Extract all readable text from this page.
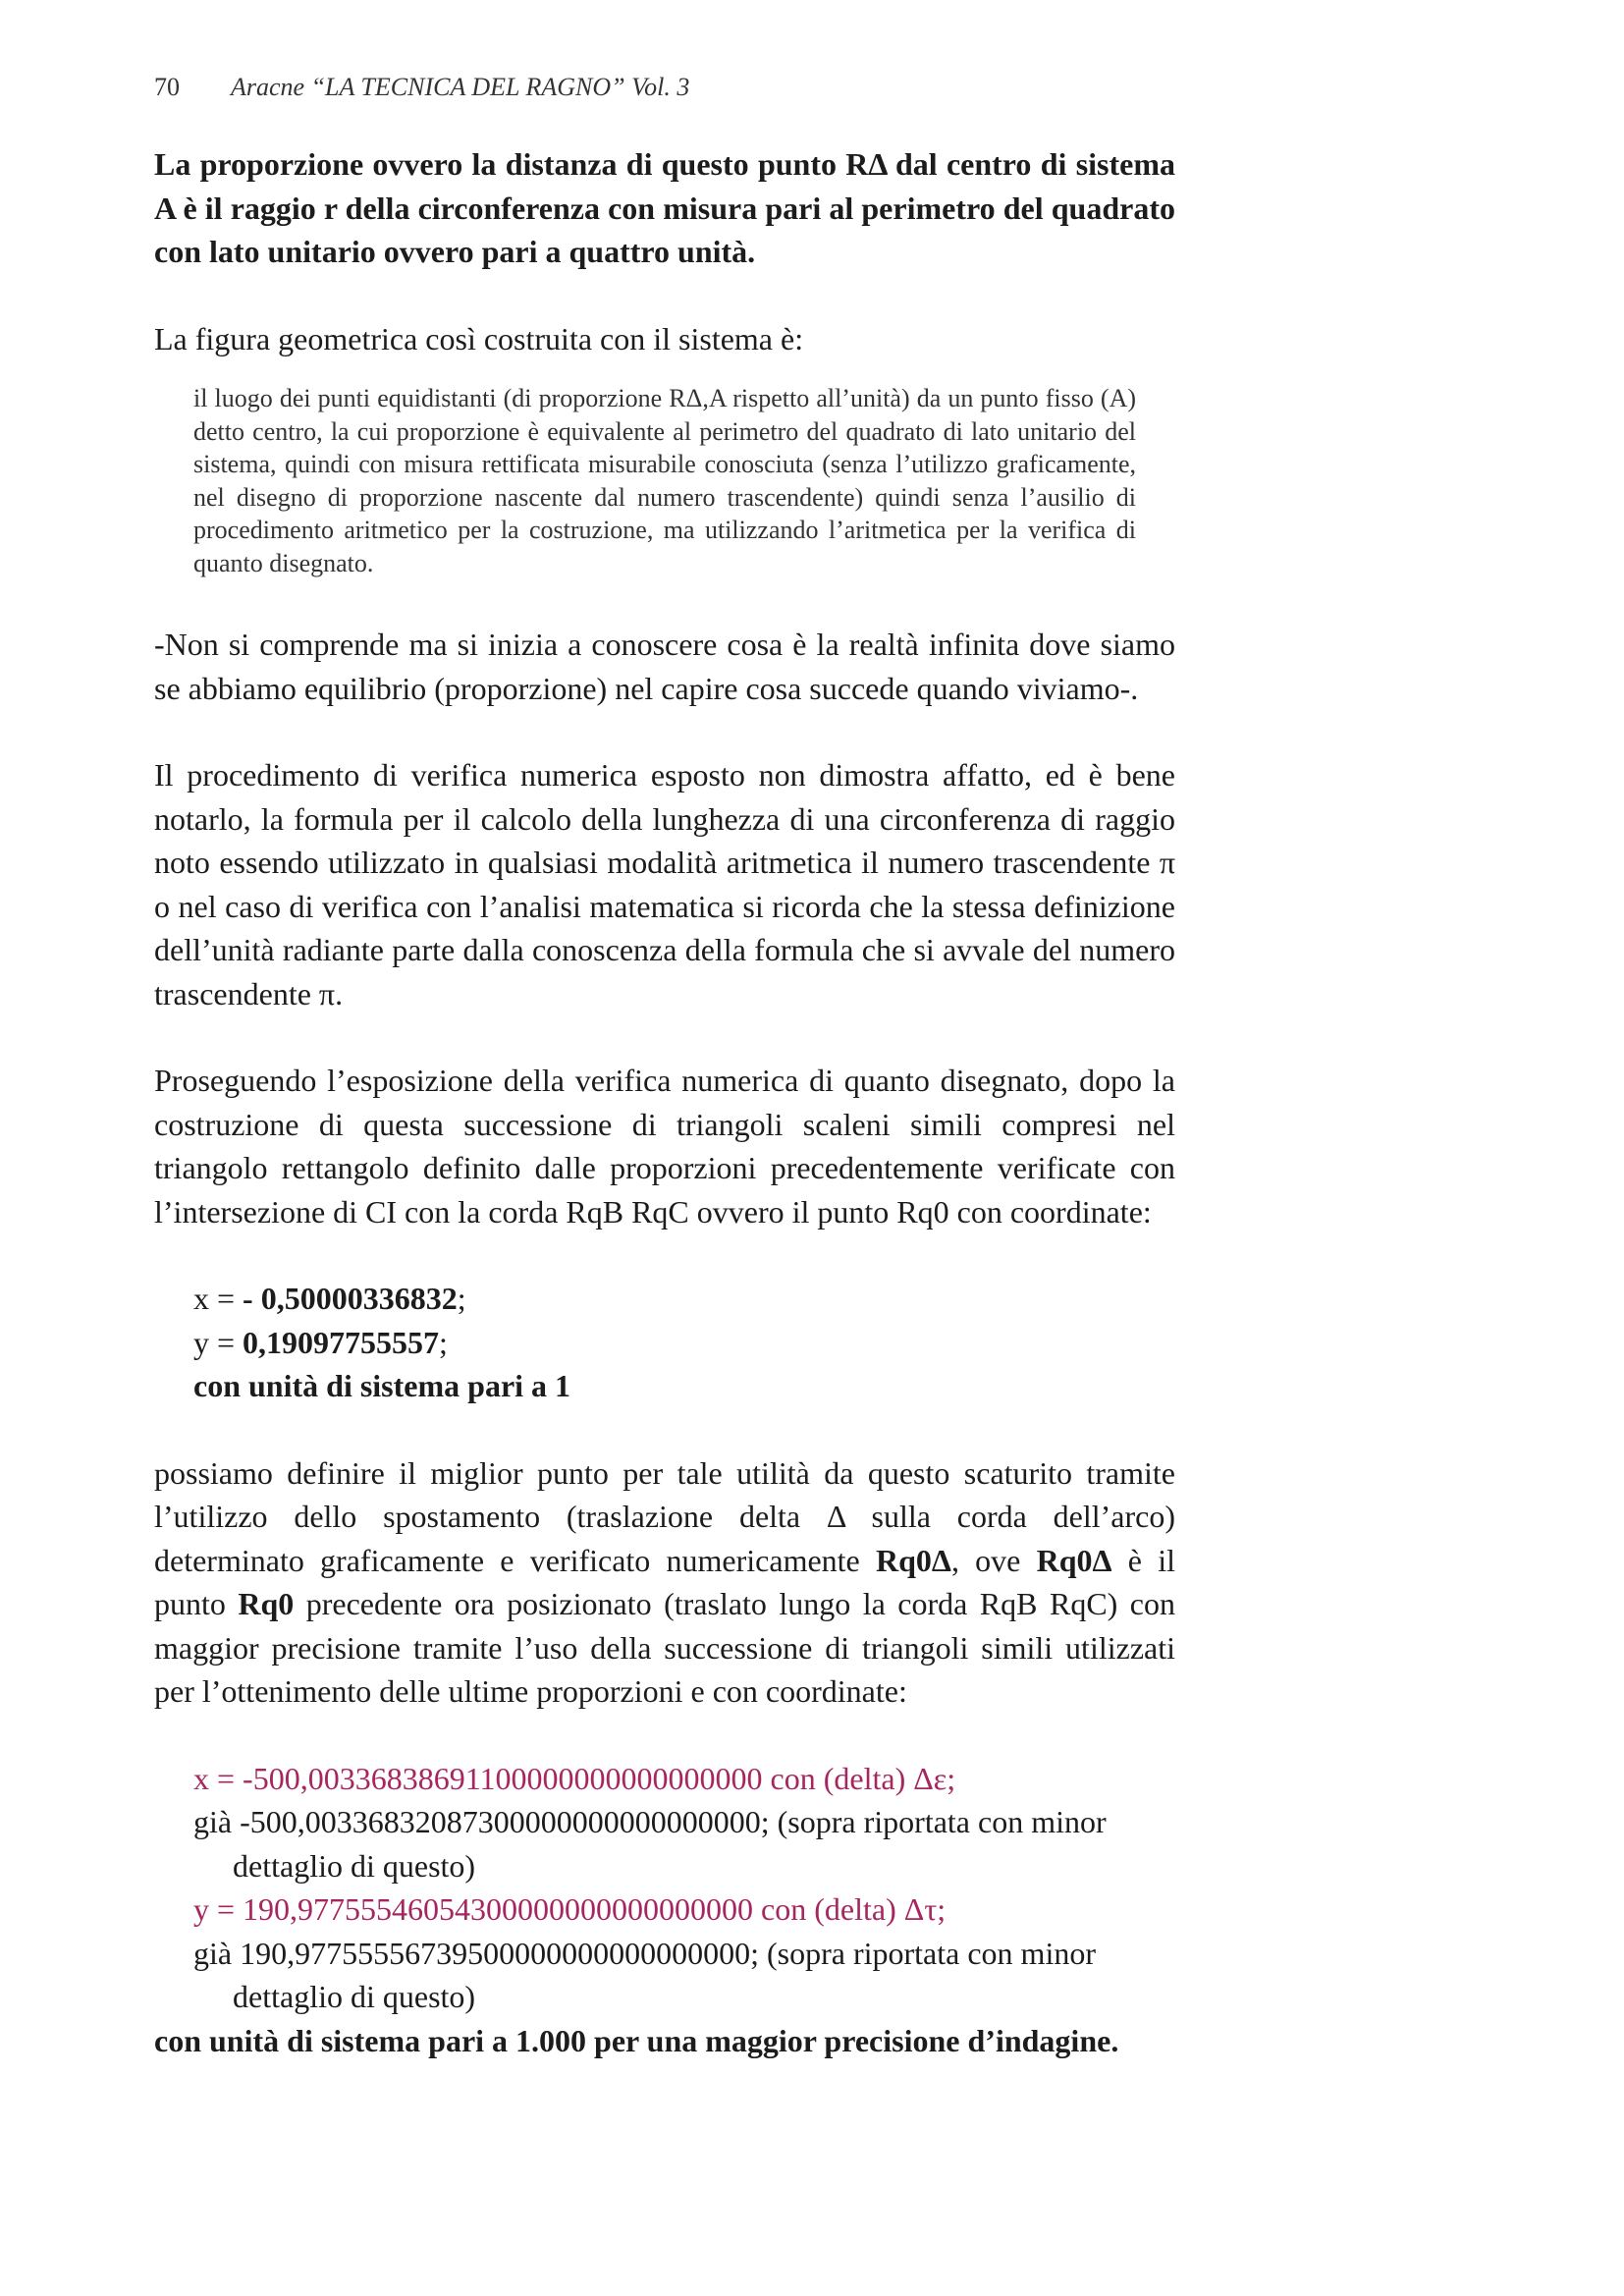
70 Aracne “LA TECNICA DEL RAGNO” Vol. 3

La proporzione ovvero la distanza di questo punto RΔ dal centro di sistema A è il raggio r della circonferenza con misura pari al perimetro del quadrato con lato unitario ovvero pari a quattro unità.

La figura geometrica così costruita con il sistema è:

il luogo dei punti equidistanti (di proporzione RΔ,A rispetto all’unità) da un punto fisso (A) detto centro, la cui proporzione è equivalente al perimetro del quadrato di lato unitario del sistema, quindi con misura rettificata misurabile conosciuta (senza l’utilizzo graficamente, nel disegno di proporzione nascente dal numero trascendente) quindi senza l’ausilio di procedimento aritmetico per la costruzione, ma utilizzando l’aritmetica per la verifica di quanto disegnato.

-Non si comprende ma si inizia a conoscere cosa è la realtà infinita dove siamo se abbiamo equilibrio (proporzione) nel capire cosa succede quando viviamo-.

Il procedimento di verifica numerica esposto non dimostra affatto, ed è bene notarlo, la formula per il calcolo della lunghezza di una circonferenza di raggio noto essendo utilizzato in qualsiasi modalità aritmetica il numero trascendente π o nel caso di verifica con l’analisi matematica si ricorda che la stessa definizione dell’unità radiante parte dalla conoscenza della formula che si avvale del numero trascendente π.

Proseguendo l’esposizione della verifica numerica di quanto disegnato, dopo la costruzione di questa successione di triangoli scaleni simili compresi nel triangolo rettangolo definito dalle proporzioni precedentemente verificate con l’intersezione di CI con la corda RqB RqC ovvero il punto Rq0 con coordinate:

x = - 0,50000336832;
y = 0,19097755557;
con unità di sistema pari a 1

possiamo definire il miglior punto per tale utilità da questo scaturito tramite l’utilizzo dello spostamento (traslazione delta Δ sulla corda dell’arco) determinato graficamente e verificato numericamente Rq0Δ, ove Rq0Δ è il punto Rq0 precedente ora posizionato (traslato lungo la corda RqB RqC) con maggior precisione tramite l’uso della successione di triangoli simili utilizzati per l’ottenimento delle ultime proporzioni e con coordinate:

x = -500,00336838691100000000000000000 con (delta) Δε;
già -500,00336832087300000000000000000; (sopra riportata con minor
dettaglio di questo)
y = 190,97755546054300000000000000000 con (delta) Δτ;
già 190,97755556739500000000000000000; (sopra riportata con minor
dettaglio di questo)

con unità di sistema pari a 1.000 per una maggior precisione d’indagine.
